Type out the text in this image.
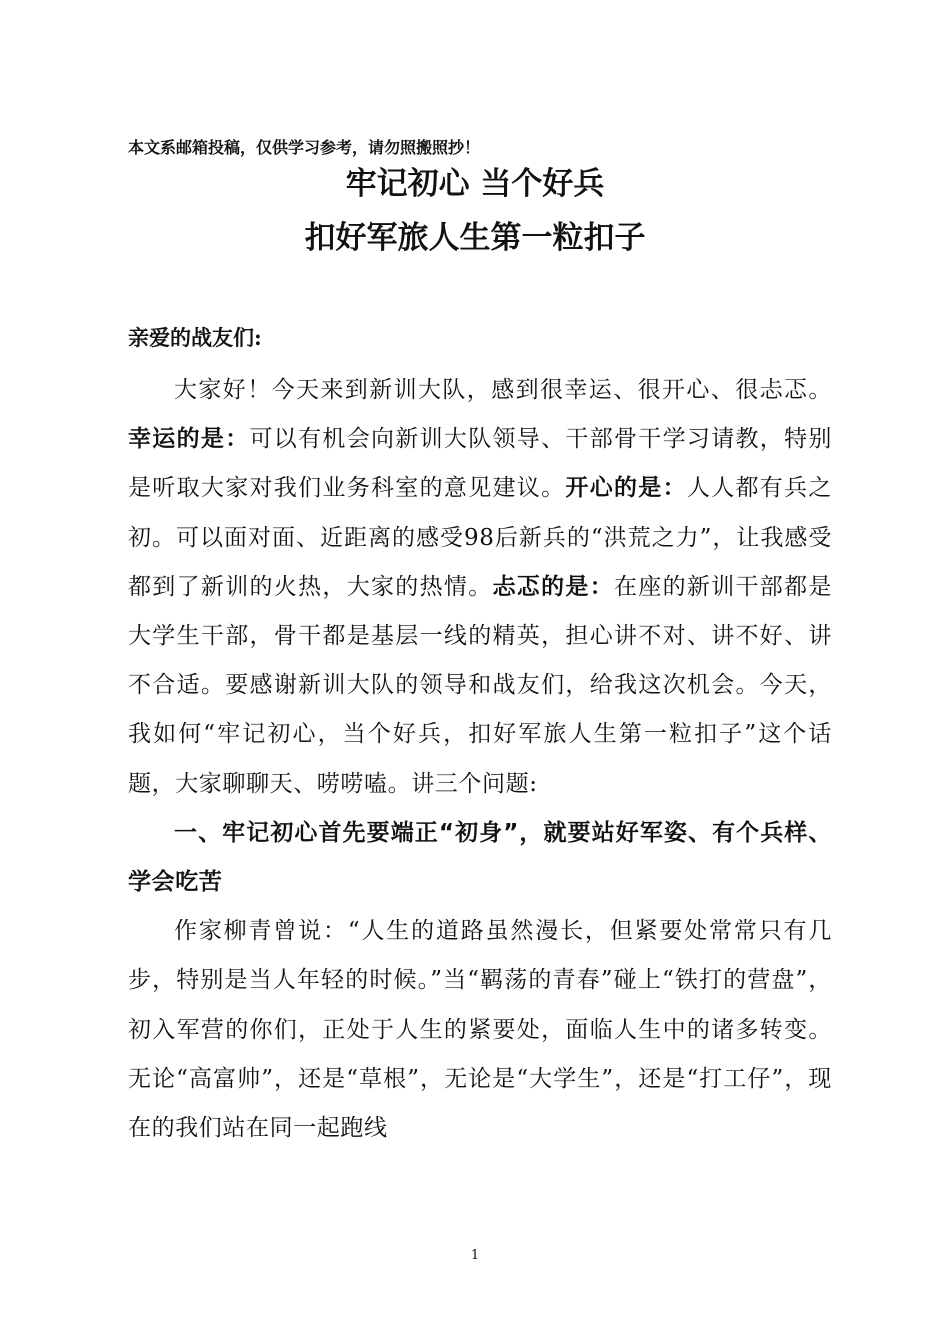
本文系邮箱投稿，仅供学习参考，请勿照搬照抄！
牢记初心 当个好兵
扣好军旅人生第一粒扣子
亲爱的战友们:

大家好！今天来到新训大队，感到很幸运、很开心、很忐忑。幸运的是：可以有机会向新训大队领导、干部骨干学习请教，特别是听取大家对我们业务科室的意见建议。开心的是：人人都有兵之初。可以面对面、近距离的感受98后新兵的“洪荒之力”，让我感受都到了新训的火热，大家的热情。忐忑的是：在座的新训干部都是大学生干部，骨干都是基层一线的精英，担心讲不对、讲不好、讲不合适。要感谢新训大队的领导和战友们，给我这次机会。今天，我如何“牢记初心，当个好兵，扣好军旅人生第一粒扣子”这个话题，大家聊聊天、唠唠嗑。讲三个问题:

一、牢记初心首先要端正“初身”，就要站好军姿、有个兵样、学会吃苦

作家柳青曾说：“人生的道路虽然漫长，但紧要处常常只有几步，特别是当人年轻的时候。”当“羁荡的青春”碰上“铁打的营盘”，初入军营的你们，正处于人生的紧要处，面临人生中的诸多转变。无论“高富帅”，还是“草根”，无论是“大学生”，还是“打工仔”，现在的我们站在同一起跑线

1
